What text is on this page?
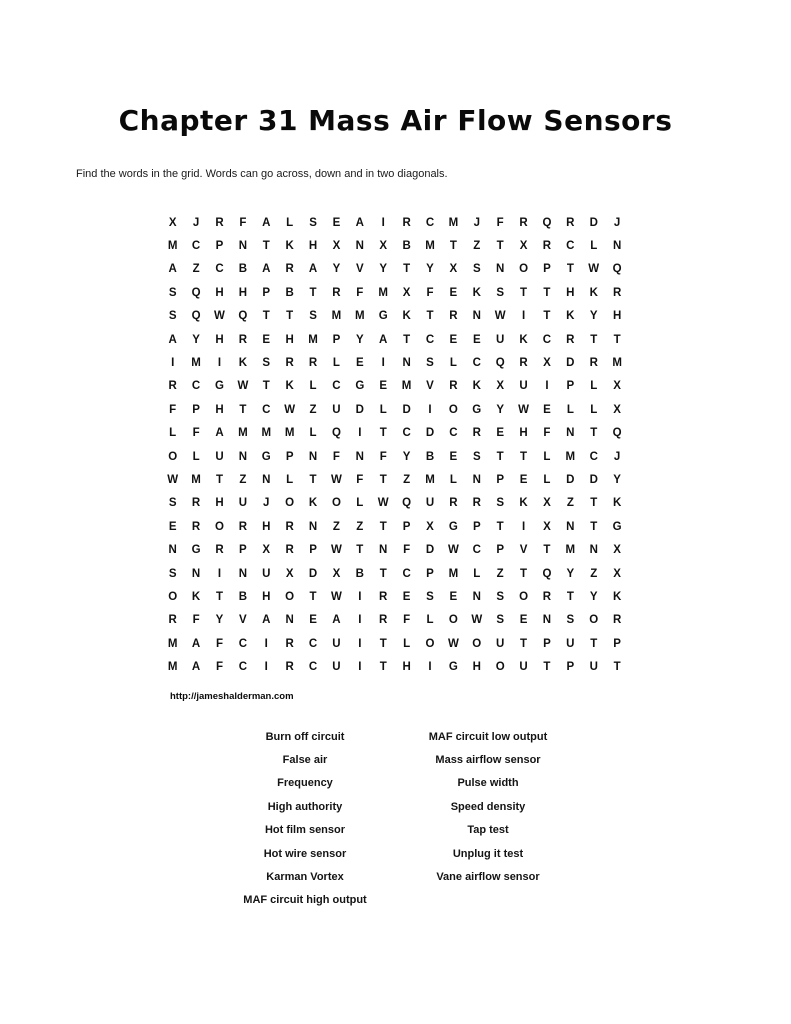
Chapter 31 Mass Air Flow Sensors
Find the words in the grid. Words can go across, down and in two diagonals.
X	J	R	F	A	L	S	E	A	I	R	C	M	J	F	R	Q	R	D	J
M	C	P	N	T	K	H	X	N	X	B	M	T	Z	T	X	R	C	L	N
A	Z	C	B	A	R	A	Y	V	Y	T	Y	X	S	N	O	P	T	W	Q
S	Q	H	H	P	B	T	R	F	M	X	F	E	K	S	T	T	H	K	R
S	Q	W	Q	T	T	S	M	M	G	K	T	R	N	W	I	T	K	Y	H
A	Y	H	R	E	H	M	P	Y	A	T	C	E	E	U	K	C	R	T	T
I	M	I	K	S	R	R	L	E	I	N	S	L	C	Q	R	X	D	R	M
R	C	G	W	T	K	L	C	G	E	M	V	R	K	X	U	I	P	L	X
F	P	H	T	C	W	Z	U	D	L	D	I	O	G	Y	W	E	L	L	X
L	F	A	M	M	M	L	Q	I	T	C	D	C	R	E	H	F	N	T	Q
O	L	U	N	G	P	N	F	N	F	Y	B	E	S	T	T	L	M	C	J
W	M	T	Z	N	L	T	W	F	T	Z	M	L	N	P	E	L	D	D	Y
S	R	H	U	J	O	K	O	L	W	Q	U	R	R	S	K	X	Z	T	K
E	R	O	R	H	R	N	Z	Z	T	P	X	G	P	T	I	X	N	T	G
N	G	R	P	X	R	P	W	T	N	F	D	W	C	P	V	T	M	N	X
S	N	I	N	U	X	D	X	B	T	C	P	M	L	Z	T	Q	Y	Z	X
O	K	T	B	H	O	T	W	I	R	E	S	E	N	S	O	R	T	Y	K
R	F	Y	V	A	N	E	A	I	R	F	L	O	W	S	E	N	S	O	R
M	A	F	C	I	R	C	U	I	T	L	O	W	O	U	T	P	U	T	P
M	A	F	C	I	R	C	U	I	T	H	I	G	H	O	U	T	P	U	T
http://jameshalderman.com
Burn off circuit
False air
Frequency
High authority
Hot film sensor
Hot wire sensor
Karman Vortex
MAF circuit high output
MAF circuit low output
Mass airflow sensor
Pulse width
Speed density
Tap test
Unplug it test
Vane airflow sensor
